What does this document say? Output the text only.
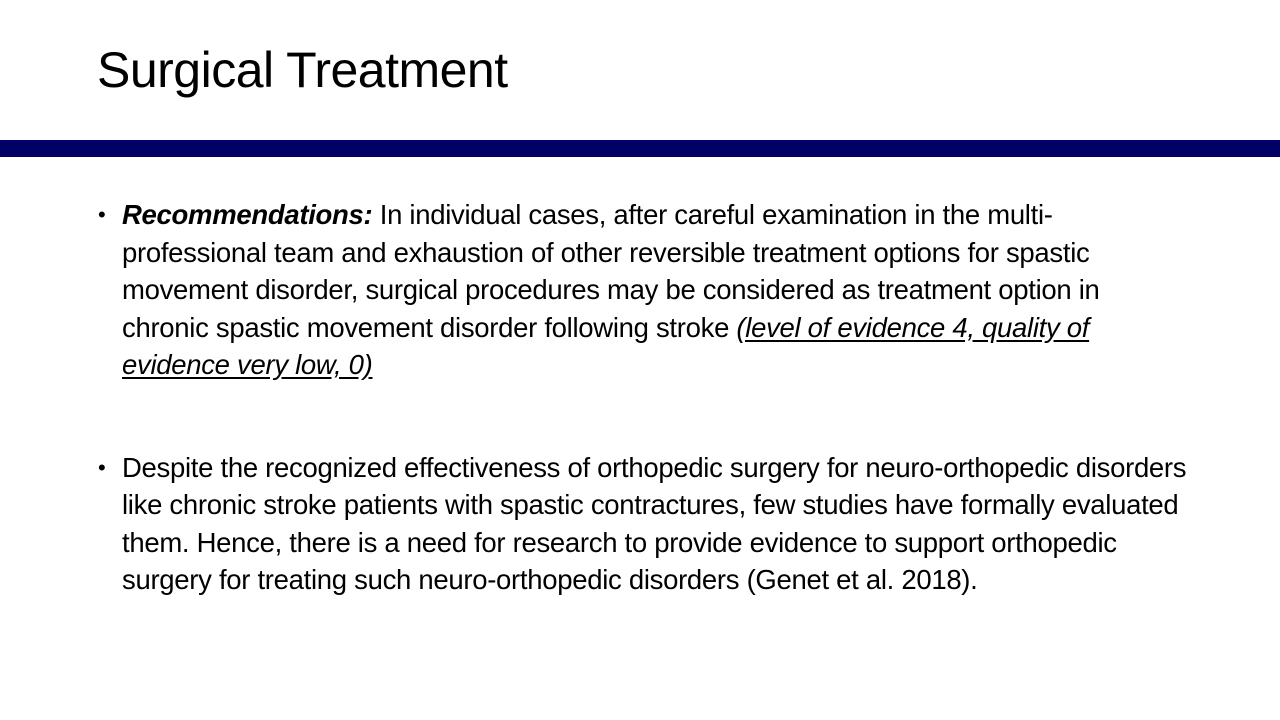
Surgical Treatment
• Recommendations: In individual cases, after careful examination in the multi-professional team and exhaustion of other reversible treatment options for spastic movement disorder, surgical procedures may be considered as treatment option in chronic spastic movement disorder following stroke (level of evidence 4, quality of evidence very low, 0)
• Despite the recognized effectiveness of orthopedic surgery for neuro-orthopedic disorders like chronic stroke patients with spastic contractures, few studies have formally evaluated them. Hence, there is a need for research to provide evidence to support orthopedic surgery for treating such neuro-orthopedic disorders (Genet et al. 2018).
